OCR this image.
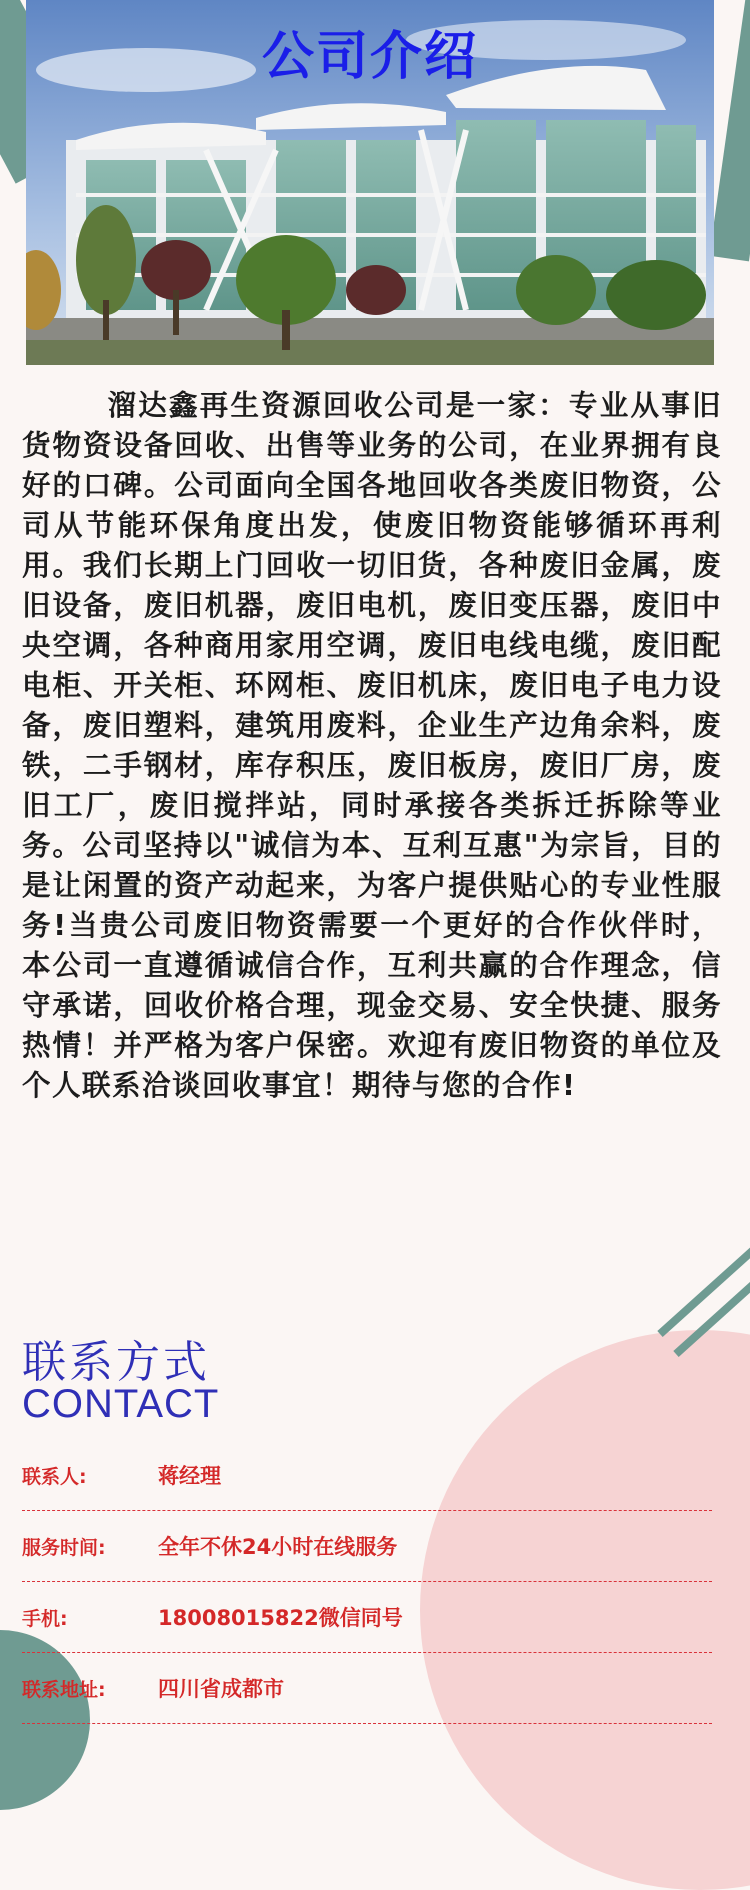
公司介绍

溜达鑫再生资源回收公司是一家：专业从事旧货物资设备回收、出售等业务的公司，在业界拥有良好的口碑。公司面向全国各地回收各类废旧物资，公司从节能环保角度出发，使废旧物资能够循环再利用。我们长期上门回收一切旧货，各种废旧金属，废旧设备，废旧机器，废旧电机，废旧变压器，废旧中央空调，各种商用家用空调，废旧电线电缆，废旧配电柜、开关柜、环网柜、废旧机床，废旧电子电力设备，废旧塑料，建筑用废料，企业生产边角余料，废铁，二手钢材，库存积压，废旧板房，废旧厂房，废旧工厂，废旧搅拌站，同时承接各类拆迁拆除等业务。公司坚持以"诚信为本、互利互惠"为宗旨，目的是让闲置的资产动起来，为客户提供贴心的专业性服务!当贵公司废旧物资需要一个更好的合作伙伴时，本公司一直遵循诚信合作，互利共赢的合作理念，信守承诺，回收价格合理，现金交易、安全快捷、服务热情！并严格为客户保密。欢迎有废旧物资的单位及个人联系洽谈回收事宜！期待与您的合作!

联系方式
CONTACT
联系人:	蒋经理
服务时间:	全年不休24小时在线服务
手机:	18008015822微信同号
联系地址:	四川省成都市
